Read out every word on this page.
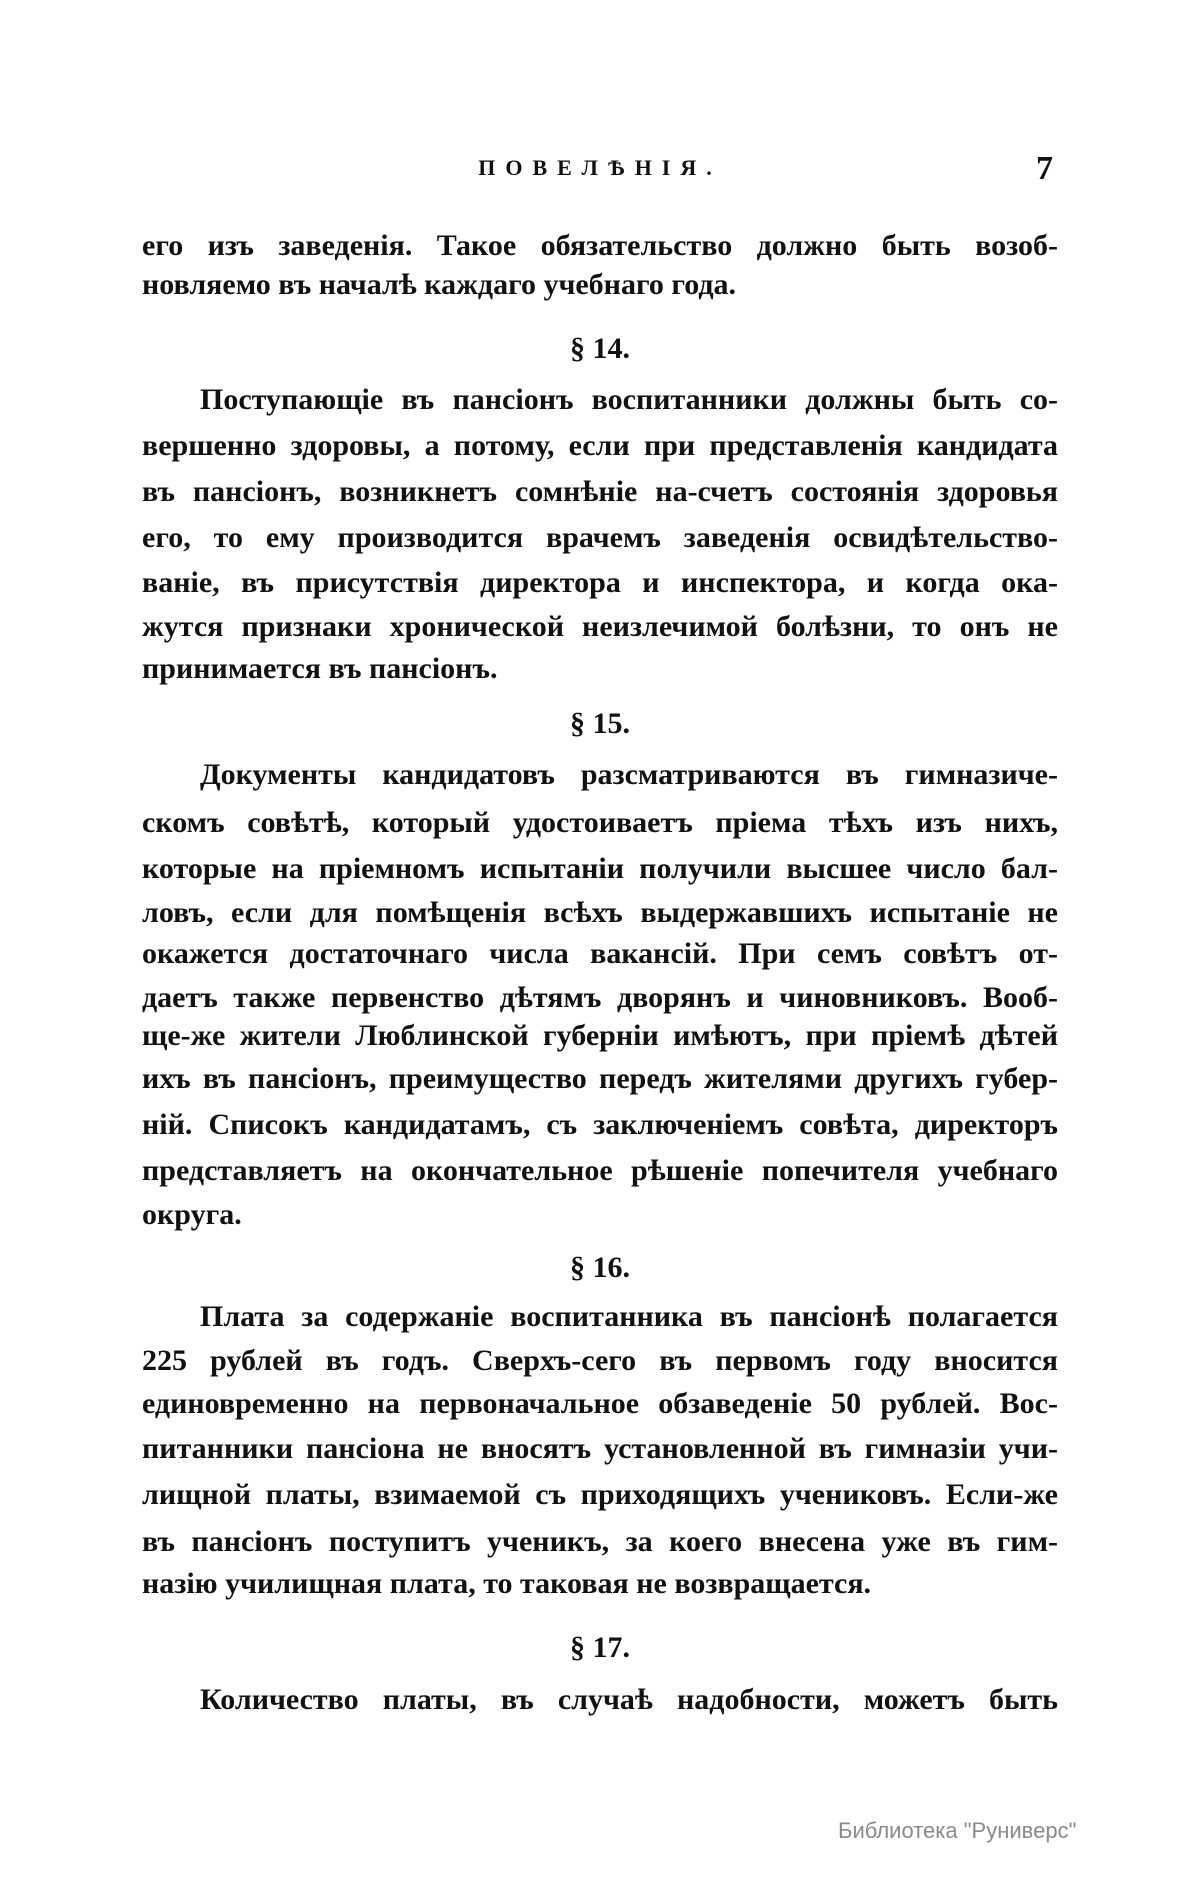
ПОВЕЛѢНІЯ.	7
его изъ заведенія. Такое обязательство должно быть возоб-
новляемо въ началѣ каждаго учебнаго года.
§ 14.
Поступающіе въ пансіонъ воспитанники должны быть со-
вершенно здоровы, а потому, если при представленія кандидата
въ пансіонъ, возникнетъ сомнѣніе на-счетъ состоянія здоровья
его, то ему производится врачемъ заведенія освидѣтельство-
ваніе, въ присутствія директора и инспектора, и когда ока-
жутся признаки хронической неизлечимой болѣзни, то онъ не
принимается въ пансіонъ.
§ 15.
Документы кандидатовъ разсматриваются въ гимназиче-
скомъ совѣтѣ, который удостоиваетъ пріема тѣхъ изъ нихъ,
которые на пріемномъ испытаніи получили высшее число бал-
ловъ, если для помѣщенія всѣхъ выдержавшихъ испытаніе не
окажется достаточнаго числа вакансій. При семъ совѣтъ от-
даетъ также первенство дѣтямъ дворянъ и чиновниковъ. Вооб-
ще-же жители Люблинской губерніи имѣютъ, при пріемѣ дѣтей
ихъ въ пансіонъ, преимущество передъ жителями другихъ губер-
ній. Списокъ кандидатамъ, съ заключеніемъ совѣта, директоръ
представляетъ на окончательное рѣшеніе попечителя учебнаго
округа.
§ 16.
Плата за содержаніе воспитанника въ пансіонѣ полагается
225 рублей въ годъ. Сверхъ-сего въ первомъ году вносится
единовременно на первоначальное обзаведеніе 50 рублей. Вос-
питанники пансіона не вносятъ установленной въ гимназіи учи-
лищной платы, взимаемой съ приходящихъ учениковъ. Если-же
въ пансіонъ поступитъ ученикъ, за коего внесена уже въ гим-
назію училищная плата, то таковая не возвращается.
§ 17.
Количество платы, въ случаѣ надобности, можетъ быть
Библиотека "Руниверс"
